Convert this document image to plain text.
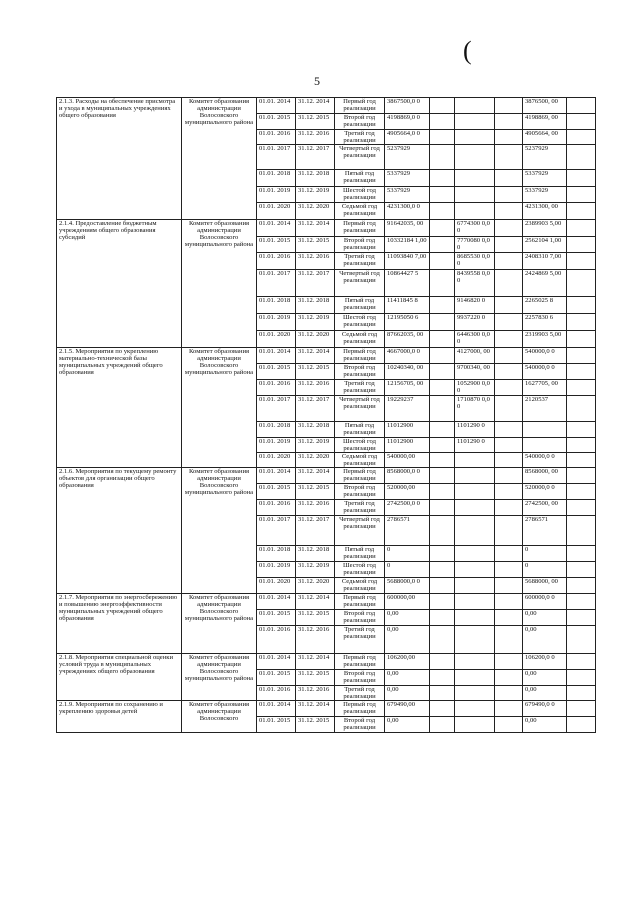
(
5
2.1.3. Расходы на обеспечение присмотра и ухода в муниципальных учреждениях общего образования	Комитет образования администрации Волосовского муниципального района	01.01. 2014	31.12. 2014	Первый год реализации	3867500,0 0				3876500, 00	
		01.01. 2015	31.12. 2015	Второй год реализации	4198869,0 0				4198869, 00	
		01.01. 2016	31.12. 2016	Третий год реализации	4905664,0 0				4905664, 00	
		01.01. 2017	31.12. 2017	Четвертый год реализации	5237929				5237929	
		01.01. 2018	31.12. 2018	Пятый год реализации	5337929				5337929	
		01.01. 2019	31.12. 2019	Шестой год реализации	5337929				5337929	
		01.01. 2020	31.12. 2020	Седьмой год реализации	4231300,0 0				4231300, 00	
2.1.4. Предоставление бюджетным учреждениям общего образования субсидий	Комитет образования администрации Волосовского муниципального района	01.01. 2014	31.12. 2014	Первый год реализации	91642035, 00		6774300 0,00		2389903 5,00	
		01.01. 2015	31.12. 2015	Второй год реализации	10332184 1,00		7770080 0,00		2562104 1,00	
		01.01. 2016	31.12. 2016	Третий год реализации	11093840 7,00		8685530 0,00		2408310 7,00	
		01.01. 2017	31.12. 2017	Четвертый год реализации	10864427 5		8439558 0,00		2424869 5,00	
		01.01. 2018	31.12. 2018	Пятый год реализации	11411845 8		9146820 0		2265025 8	
		01.01. 2019	31.12. 2019	Шестой год реализации	12195050 6		9937220 0		2257830 6	
		01.01. 2020	31.12. 2020	Седьмой год реализации	87662035, 00		6446300 0,00		2319903 5,00	
2.1.5. Мероприятия по укреплению материально-технической базы муниципальных учреждений общего образования	Комитет образования администрации Волосовского муниципального района	01.01. 2014	31.12. 2014	Первый год реализации	4667000,0 0		4127000, 00		540000,0 0	
		01.01. 2015	31.12. 2015	Второй год реализации	10240340, 00		9700340, 00		540000,0 0	
		01.01. 2016	31.12. 2016	Третий год реализации	12156705, 00		1052900 0,00		1627705, 00	
		01.01. 2017	31.12. 2017	Четвертый год реализации	19229237		1710870 0,00		2120537	
		01.01. 2018	31.12. 2018	Пятый год реализации	11012900		1101290 0			
		01.01. 2019	31.12. 2019	Шестой год реализации	11012900		1101290 0			
		01.01. 2020	31.12. 2020	Седьмой год реализации	540000,00				540000,0 0	
2.1.6. Мероприятия по текущему ремонту объектов для организации общего образования	Комитет образования администрации Волосовского муниципального района	01.01. 2014	31.12. 2014	Первый год реализации	8568000,0 0				8568000, 00	
		01.01. 2015	31.12. 2015	Второй год реализации	520000,00				520000,0 0	
		01.01. 2016	31.12. 2016	Третий год реализации	2742500,0 0				2742500, 00	
		01.01. 2017	31.12. 2017	Четвертый год реализации	2786571				2786571	
		01.01. 2018	31.12. 2018	Пятый год реализации	0				0	
		01.01. 2019	31.12. 2019	Шестой год реализации	0				0	
		01.01. 2020	31.12. 2020	Седьмой год реализации	5688000,0 0				5688000, 00	
2.1.7. Мероприятия по энергосбережению и повышению энергоэффективности муниципальных учреждений общего образования	Комитет образования администрации Волосовского муниципального района	01.01. 2014	31.12. 2014	Первый год реализации	600000,00				600000,0 0	
		01.01. 2015	31.12. 2015	Второй год реализации	0,00				0,00	
		01.01. 2016	31.12. 2016	Третий год реализации	0,00				0,00	
2.1.8. Мероприятия специальной оценки условий труда в муниципальных учреждениях общего образования	Комитет образования администрации Волосовского муниципального района	01.01. 2014	31.12. 2014	Первый год реализации	106200,00				106200,0 0	
		01.01. 2015	31.12. 2015	Второй год реализации	0,00				0,00	
		01.01. 2016	31.12. 2016	Третий год реализации	0,00				0,00	
2.1.9. Мероприятия по сохранению и укреплению здоровья детей	Комитет образования администрации Волосовского	01.01. 2014	31.12. 2014	Первый год реализации	679490,00				679490,0 0	
		01.01. 2015	31.12. 2015	Второй год реализации	0,00				0,00	
